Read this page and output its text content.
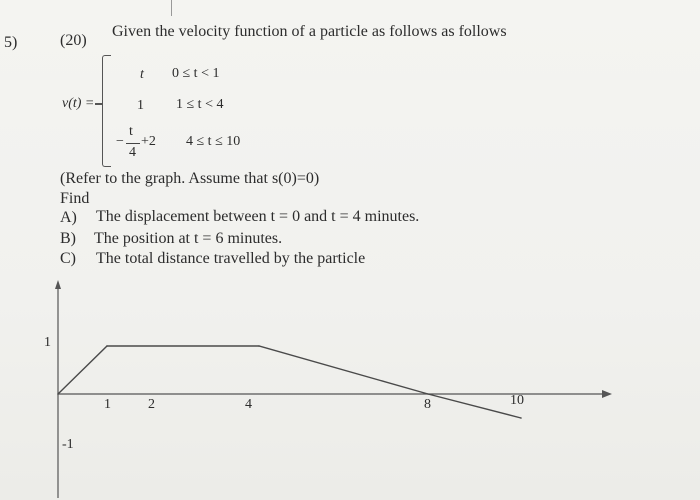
5)	(20)
Given the velocity function of a particle as follows as follows
v(t) =
t 0 ≤ t < 1
1 1 ≤ t < 4
−
t
4
+2 4 ≤ t ≤ 10
(Refer to the graph. Assume that s(0)=0)
Find
A) The displacement between t = 0 and t = 4 minutes.
B) The position at t = 6 minutes.
C) The total distance travelled by the particle
1
-1
1	2	4	8	10
